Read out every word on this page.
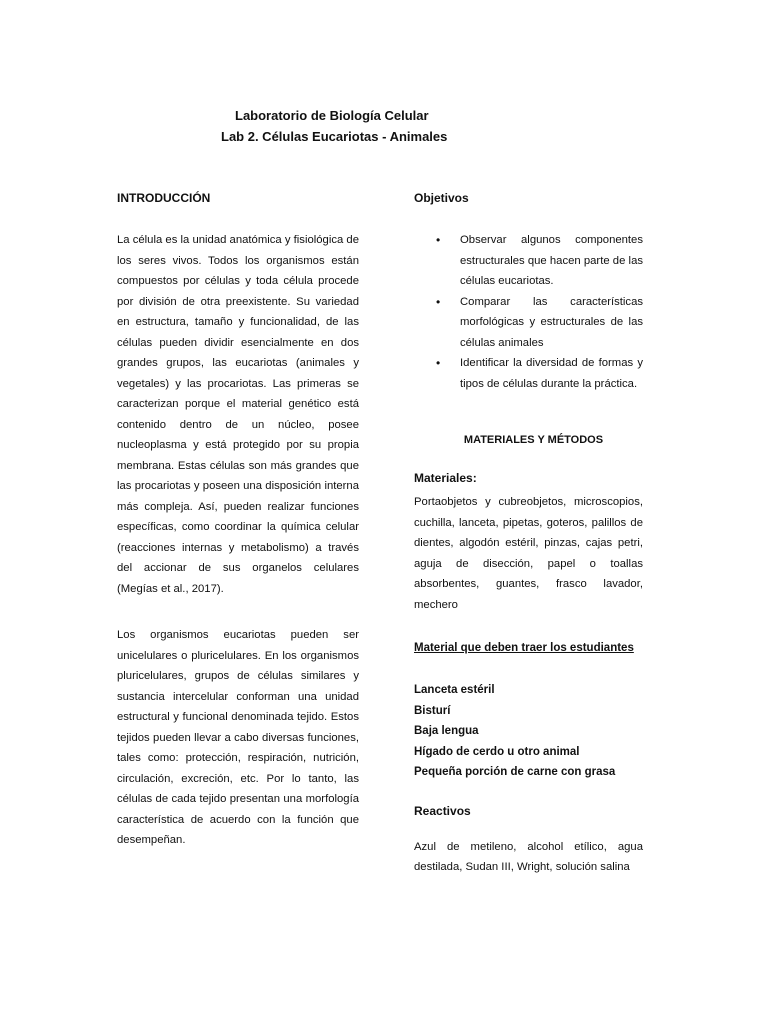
Laboratorio de Biología Celular
Lab 2. Células Eucariotas - Animales

INTRODUCCIÓN

La célula es la unidad anatómica y fisiológica de los seres vivos. Todos los organismos están compuestos por células y toda célula procede por división de otra preexistente. Su variedad en estructura, tamaño y funcionalidad, de las células pueden dividir esencialmente en dos grandes grupos, las eucariotas (animales y vegetales) y las procariotas. Las primeras se caracterizan porque el material genético está contenido dentro de un núcleo, posee nucleoplasma y está protegido por su propia membrana. Estas células son más grandes que las procariotas y poseen una disposición interna más compleja. Así, pueden realizar funciones específicas, como coordinar la química celular (reacciones internas y metabolismo) a través del accionar de sus organelos celulares (Megías et al., 2017).

Los organismos eucariotas pueden ser unicelulares o pluricelulares. En los organismos pluricelulares, grupos de células similares y sustancia intercelular conforman una unidad estructural y funcional denominada tejido. Estos tejidos pueden llevar a cabo diversas funciones, tales como: protección, respiración, nutrición, circulación, excreción, etc. Por lo tanto, las células de cada tejido presentan una morfología característica de acuerdo con la función que desempeñan.

Objetivos

• Observar algunos componentes estructurales que hacen parte de las células eucariotas.
• Comparar las características morfológicas y estructurales de las células animales
• Identificar la diversidad de formas y tipos de células durante la práctica.
MATERIALES Y MÉTODOS
Materiales:

Portaobjetos y cubreobjetos, microscopios, cuchilla, lanceta, pipetas, goteros, palillos de dientes, algodón estéril, pinzas, cajas petri, aguja de disección, papel o toallas absorbentes, guantes, frasco lavador, mechero

Material que deben traer los estudiantes
Lanceta estéril
Bisturí
Baja lengua
Hígado de cerdo u otro animal
Pequeña porción de carne con grasa
Reactivos

Azul de metileno, alcohol etílico, agua destilada, Sudan III, Wright, solución salina
